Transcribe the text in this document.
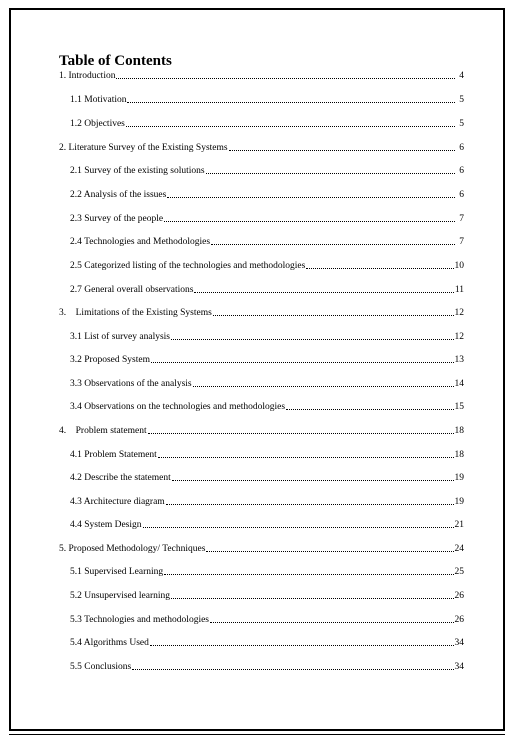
Table of Contents
1. Introduction	4
1.1 Motivation	5
1.2 Objectives	5
2. Literature Survey of the Existing Systems	6
2.1 Survey of the existing solutions	6
2.2 Analysis of the issues	6
2.3 Survey of the people	7
2.4 Technologies and Methodologies	7
2.5 Categorized listing of the technologies and methodologies	10
2.7 General overall observations	11
3.    Limitations of the Existing Systems	12
3.1 List of survey analysis	12
3.2 Proposed System	13
3.3 Observations of the analysis	14
3.4 Observations on the technologies and methodologies	15
4.    Problem statement	18
4.1 Problem Statement	18
4.2 Describe the statement	19
4.3 Architecture diagram	19
4.4 System Design	21
5. Proposed Methodology/ Techniques	24
5.1 Supervised Learning	25
5.2 Unsupervised learning	26
5.3 Technologies and methodologies	26
5.4 Algorithms Used	34
5.5 Conclusions	34
